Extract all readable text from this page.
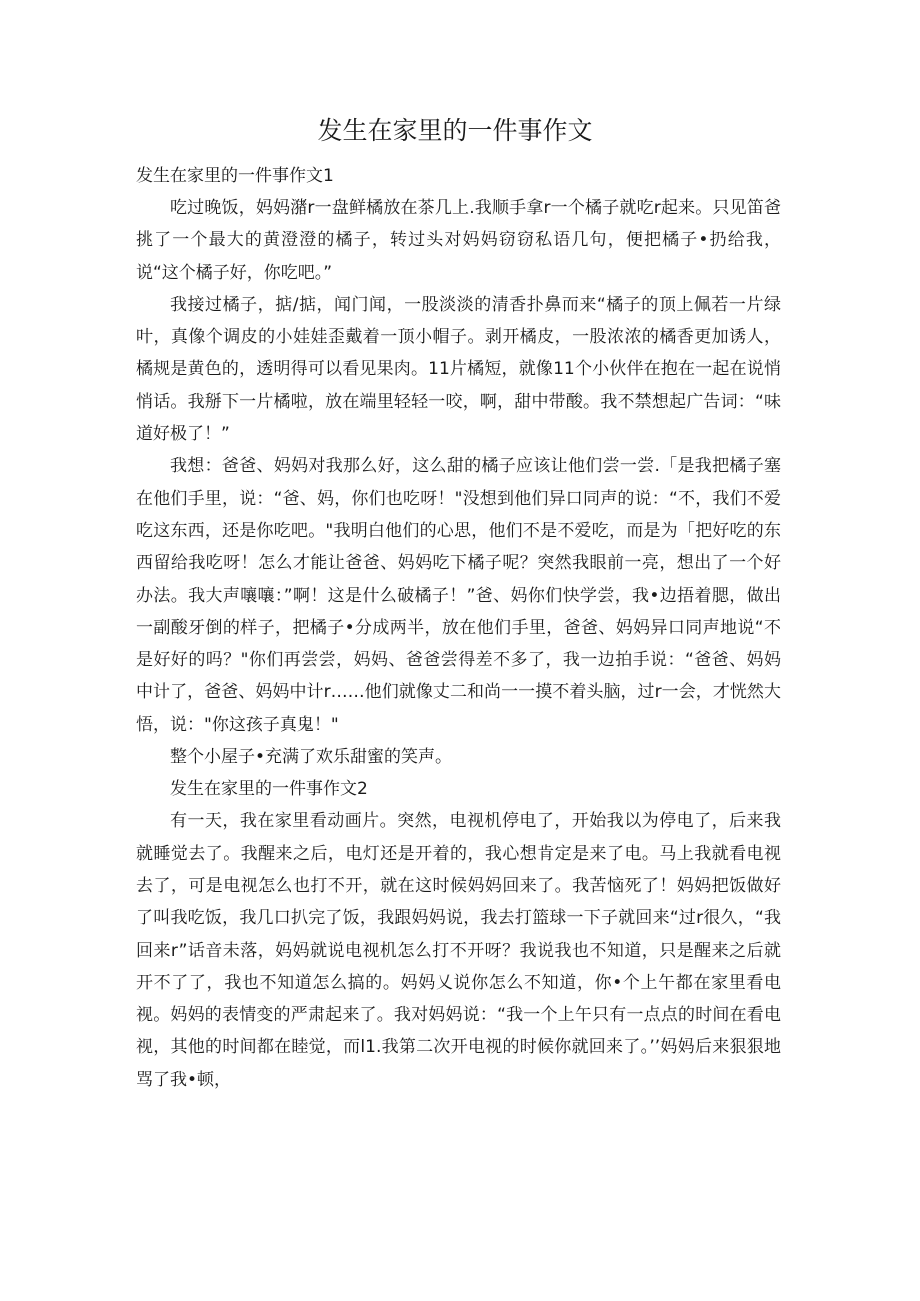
发生在家里的一件事作文
发生在家里的一件事作文1

吃过晚饭，妈妈潴r一盘鲜橘放在茶几上.我顺手拿r一个橘子就吃r起来。只见笛爸挑了一个最大的黄澄澄的橘子，转过头对妈妈窃窃私语几句，便把橘子•扔给我，说“这个橘子好，你吃吧。”

我接过橘子，掂/掂，闻门闻，一股淡淡的清香扑鼻而来“橘子的顶上佩若一片绿叶，真像个调皮的小娃娃歪戴着一顶小帽子。剥开橘皮，一股浓浓的橘香更加诱人，橘规是黄色的，透明得可以看见果肉。11片橘短，就像11个小伙伴在抱在一起在说悄悄话。我掰下一片橘啦，放在端里轻轻一咬，啊，甜中带酸。我不禁想起广告词：“味道好极了！”

我想：爸爸、妈妈对我那么好，这么甜的橘子应该让他们尝一尝.「是我把橘子塞在他们手里，说：“爸、妈，你们也吃呀！"没想到他们异口同声的说：“不，我们不爱吃这东西，还是你吃吧。"我明白他们的心思，他们不是不爱吃，而是为「把好吃的东西留给我吃呀！怎么才能让爸爸、妈妈吃下橘子呢？突然我眼前一亮，想出了一个好办法。我大声嚷嚷：”啊！这是什么破橘子！”爸、妈你们快学尝，我•边捂着腮，做出一副酸牙倒的样子，把橘子•分成两半，放在他们手里，爸爸、妈妈异口同声地说“不是好好的吗？"你们再尝尝，妈妈、爸爸尝得差不多了，我一边拍手说：“爸爸、妈妈中计了，爸爸、妈妈中计r……他们就像丈二和尚一一摸不着头脑，过r一会，才恍然大悟，说："你这孩子真鬼！"

整个小屋子•充满了欢乐甜蜜的笑声。

发生在家里的一件事作文2

有一天，我在家里看动画片。突然，电视机停电了，开始我以为停电了，后来我就睡觉去了。我醒来之后，电灯还是开着的，我心想肯定是来了电。马上我就看电视去了，可是电视怎么也打不开，就在这时候妈妈回来了。我苦恼死了！妈妈把饭做好了叫我吃饭，我几口扒完了饭，我跟妈妈说，我去打篮球一下子就回来“过r很久，“我回来r”话音未落，妈妈就说电视机怎么打不开呀？我说我也不知道，只是醒来之后就开不了了，我也不知道怎么搞的。妈妈乂说你怎么不知道，你•个上午都在家里看电视。妈妈的表情变的严肃起来了。我对妈妈说：“我一个上午只有一点点的时间在看电视，其他的时间都在睦觉，而l1.我第二次开电视的时候你就回来了。’’妈妈后来狠狠地骂了我•顿，
